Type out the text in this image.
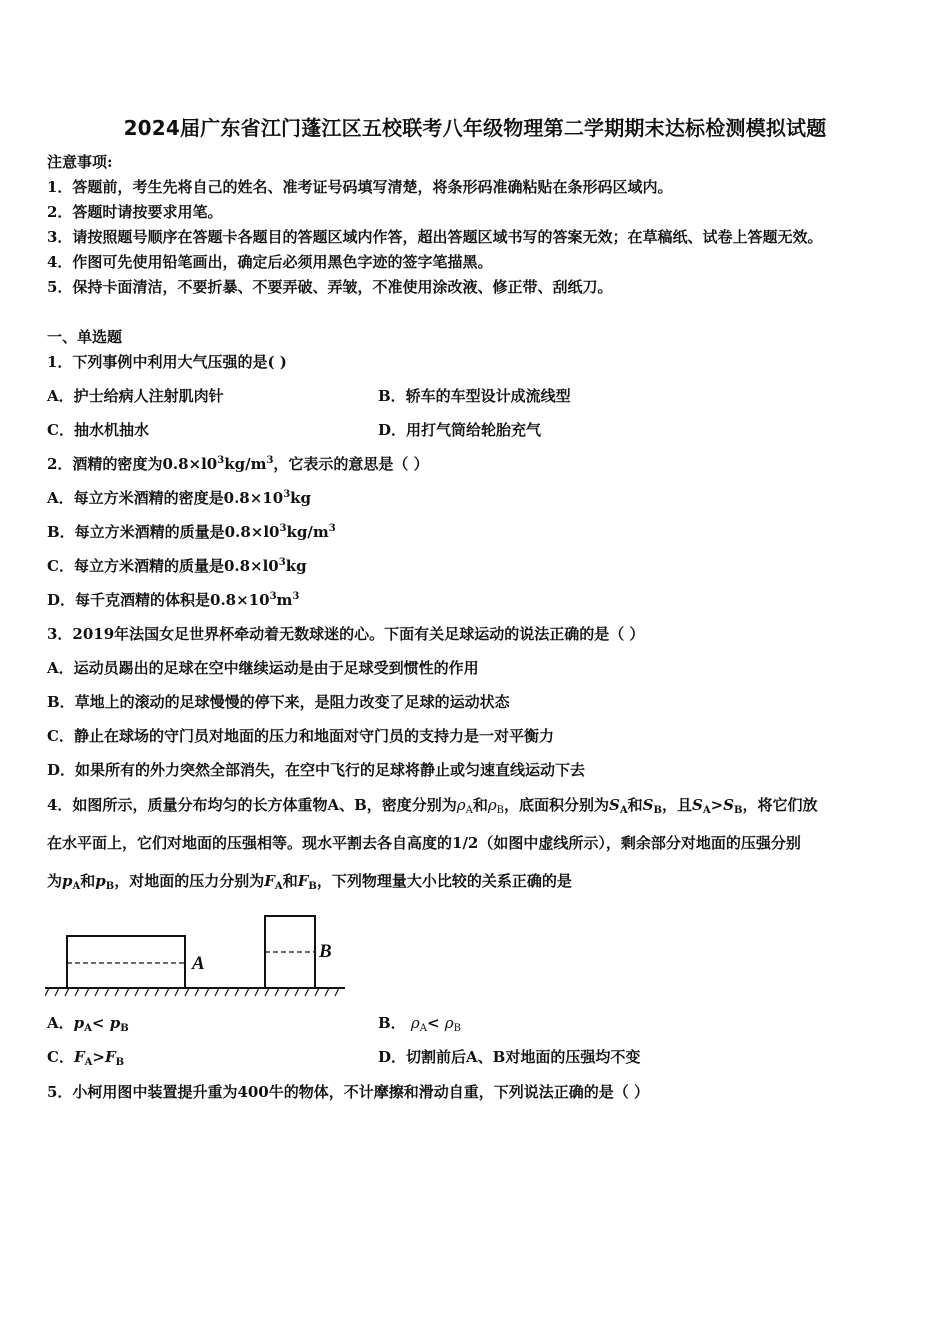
2024届广东省江门蓬江区五校联考八年级物理第二学期期末达标检测模拟试题
注意事项:
1．答题前，考生先将自己的姓名、准考证号码填写清楚，将条形码准确粘贴在条形码区域内。
2．答题时请按要求用笔。
3．请按照题号顺序在答题卡各题目的答题区域内作答，超出答题区域书写的答案无效；在草稿纸、试卷上答题无效。
4．作图可先使用铅笔画出，确定后必须用黑色字迹的签字笔描黑。
5．保持卡面清洁，不要折暴、不要弄破、弄皱，不准使用涂改液、修正带、刮纸刀。
一、单选题
1．下列事例中利用大气压强的是( )
A．护士给病人注射肌肉针	B．轿车的车型设计成流线型
C．抽水机抽水	D．用打气筒给轮胎充气
2．酒精的密度为$0.8\times l0^3kg/m^3$，它表示的意思是（ ）
A．每立方米酒精的密度是$0.8\times 10^3kg$
B．每立方米酒精的质量是$0.8\times l0^3kg/m^3$
C．每立方米酒精的质量是$0.8\times l0^3kg$
D．每千克酒精的体积是$0.8\times 10^3m^3$
3．2019年法国女足世界杯牵动着无数球迷的心。下面有关足球运动的说法正确的是（ ）
A．运动员踢出的足球在空中继续运动是由于足球受到惯性的作用
B．草地上的滚动的足球慢慢的停下来，是阻力改变了足球的运动状态
C．静止在球场的守门员对地面的压力和地面对守门员的支持力是一对平衡力
D．如果所有的外力突然全部消失，在空中飞行的足球将静止或匀速直线运动下去
4．如图所示，质量分布均匀的长方体重物A、B，密度分别为$\rho_A$和$\rho_B$，底面积分别为$S_A$和$S_B$，且$S_A>S_B$，将它们放
在水平面上，它们对地面的压强相等。现水平割去各自高度的1/2（如图中虚线所示），剩余部分对地面的压强分别
为$p_A$和$p_B$，对地面的压力分别为$F_A$和$F_B$，下列物理量大小比较的关系正确的是
A
B
A．$p_A< p_B$	B． $\rho_A< \rho_B$
C．$F_A>F_B$	D．切割前后A、B对地面的压强均不变
5．小柯用图中装置提升重为400牛的物体，不计摩擦和滑动自重，下列说法正确的是（ ）
